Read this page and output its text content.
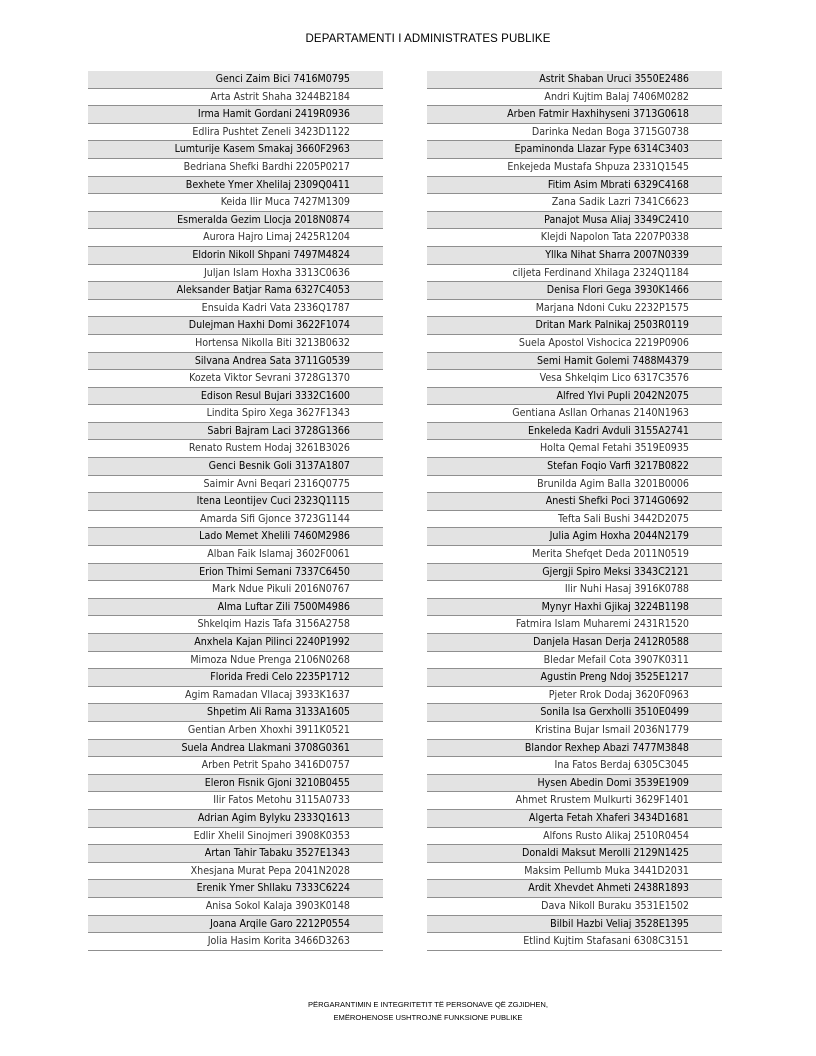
DEPARTAMENTI I ADMINISTRATES PUBLIKE
Genci Zaim Bici 7416M0795
Arta Astrit Shaha 3244B2184
Irma Hamit Gordani 2419R0936
Edlira Pushtet Zeneli 3423D1122
Lumturije Kasem Smakaj 3660F2963
Bedriana Shefki Bardhi 2205P0217
Bexhete Ymer Xhelilaj 2309Q0411
Keida Ilir Muca 7427M1309
Esmeralda Gezim Llocja 2018N0874
Aurora Hajro Limaj 2425R1204
Eldorin Nikoll Shpani 7497M4824
Juljan Islam Hoxha 3313C0636
Aleksander Batjar Rama 6327C4053
Ensuida Kadri Vata 2336Q1787
Dulejman Haxhi Domi 3622F1074
Hortensa Nikolla Biti 3213B0632
Silvana Andrea Sata 3711G0539
Kozeta Viktor Sevrani 3728G1370
Edison Resul Bujari 3332C1600
Lindita Spiro Xega 3627F1343
Sabri Bajram Laci 3728G1366
Renato Rustem Hodaj 3261B3026
Genci Besnik Goli 3137A1807
Saimir Avni Beqari 2316Q0775
Itena Leontijev Cuci 2323Q1115
Amarda Sifi Gjonce 3723G1144
Lado Memet Xhelili 7460M2986
Alban Faik Islamaj 3602F0061
Erion Thimi Semani 7337C6450
Mark Ndue Pikuli 2016N0767
Alma Luftar Zili 7500M4986
Shkelqim Hazis Tafa 3156A2758
Anxhela Kajan Pilinci 2240P1992
Mimoza Ndue Prenga 2106N0268
Florida Fredi Celo 2235P1712
Agim Ramadan Vllacaj 3933K1637
Shpetim Ali Rama 3133A1605
Gentian Arben Xhoxhi 3911K0521
Suela Andrea Llakmani 3708G0361
Arben Petrit Spaho 3416D0757
Eleron Fisnik Gjoni 3210B0455
Ilir Fatos Metohu 3115A0733
Adrian Agim Bylyku 2333Q1613
Edlir Xhelil Sinojmeri 3908K0353
Artan Tahir Tabaku 3527E1343
Xhesjana Murat Pepa 2041N2028
Erenik Ymer Shllaku 7333C6224
Anisa Sokol Kalaja 3903K0148
Joana Arqile Garo 2212P0554
Jolia Hasim Korita 3466D3263
Astrit Shaban Uruci 3550E2486
Andri Kujtim Balaj 7406M0282
Arben Fatmir Haxhihyseni 3713G0618
Darinka Nedan Boga 3715G0738
Epaminonda Llazar Fype 6314C3403
Enkejeda Mustafa Shpuza 2331Q1545
Fitim Asim Mbrati 6329C4168
Zana Sadik Lazri 7341C6623
Panajot Musa Aliaj 3349C2410
Klejdi Napolon Tata 2207P0338
Yllka Nihat Sharra 2007N0339
ciljeta Ferdinand Xhilaga 2324Q1184
Denisa Flori Gega 3930K1466
Marjana Ndoni Cuku 2232P1575
Dritan Mark Palnikaj 2503R0119
Suela Apostol Vishocica 2219P0906
Semi Hamit Golemi 7488M4379
Vesa Shkelqim Lico 6317C3576
Alfred Ylvi Pupli 2042N2075
Gentiana Asllan Orhanas 2140N1963
Enkeleda Kadri Avduli 3155A2741
Holta Qemal Fetahi 3519E0935
Stefan Foqio Varfi 3217B0822
Brunilda Agim Balla 3201B0006
Anesti Shefki Poci 3714G0692
Tefta Sali Bushi 3442D2075
Julia Agim Hoxha 2044N2179
Merita Shefqet Deda 2011N0519
Gjergji Spiro Meksi 3343C2121
Ilir Nuhi Hasaj 3916K0788
Mynyr Haxhi Gjikaj 3224B1198
Fatmira Islam Muharemi 2431R1520
Danjela Hasan Derja 2412R0588
Bledar Mefail Cota 3907K0311
Agustin Preng Ndoj 3525E1217
Pjeter Rrok Dodaj 3620F0963
Sonila Isa Gerxholli 3510E0499
Kristina Bujar Ismail 2036N1779
Blandor Rexhep Abazi 7477M3848
Ina Fatos Berdaj 6305C3045
Hysen Abedin Domi 3539E1909
Ahmet Rrustem Mulkurti 3629F1401
Algerta Fetah Xhaferi 3434D1681
Alfons Rusto Alikaj 2510R0454
Donaldi Maksut Merolli 2129N1425
Maksim Pellumb Muka 3441D2031
Ardit Xhevdet Ahmeti 2438R1893
Dava Nikoll Buraku 3531E1502
Bilbil Hazbi Veliaj 3528E1395
Etlind Kujtim Stafasani 6308C3151
PËRGARANTIMIN E INTEGRITETIT TË PERSONAVE QË ZGJIDHEN,
EMËROHENOSE USHTROJNË FUNKSIONE PUBLIKE
